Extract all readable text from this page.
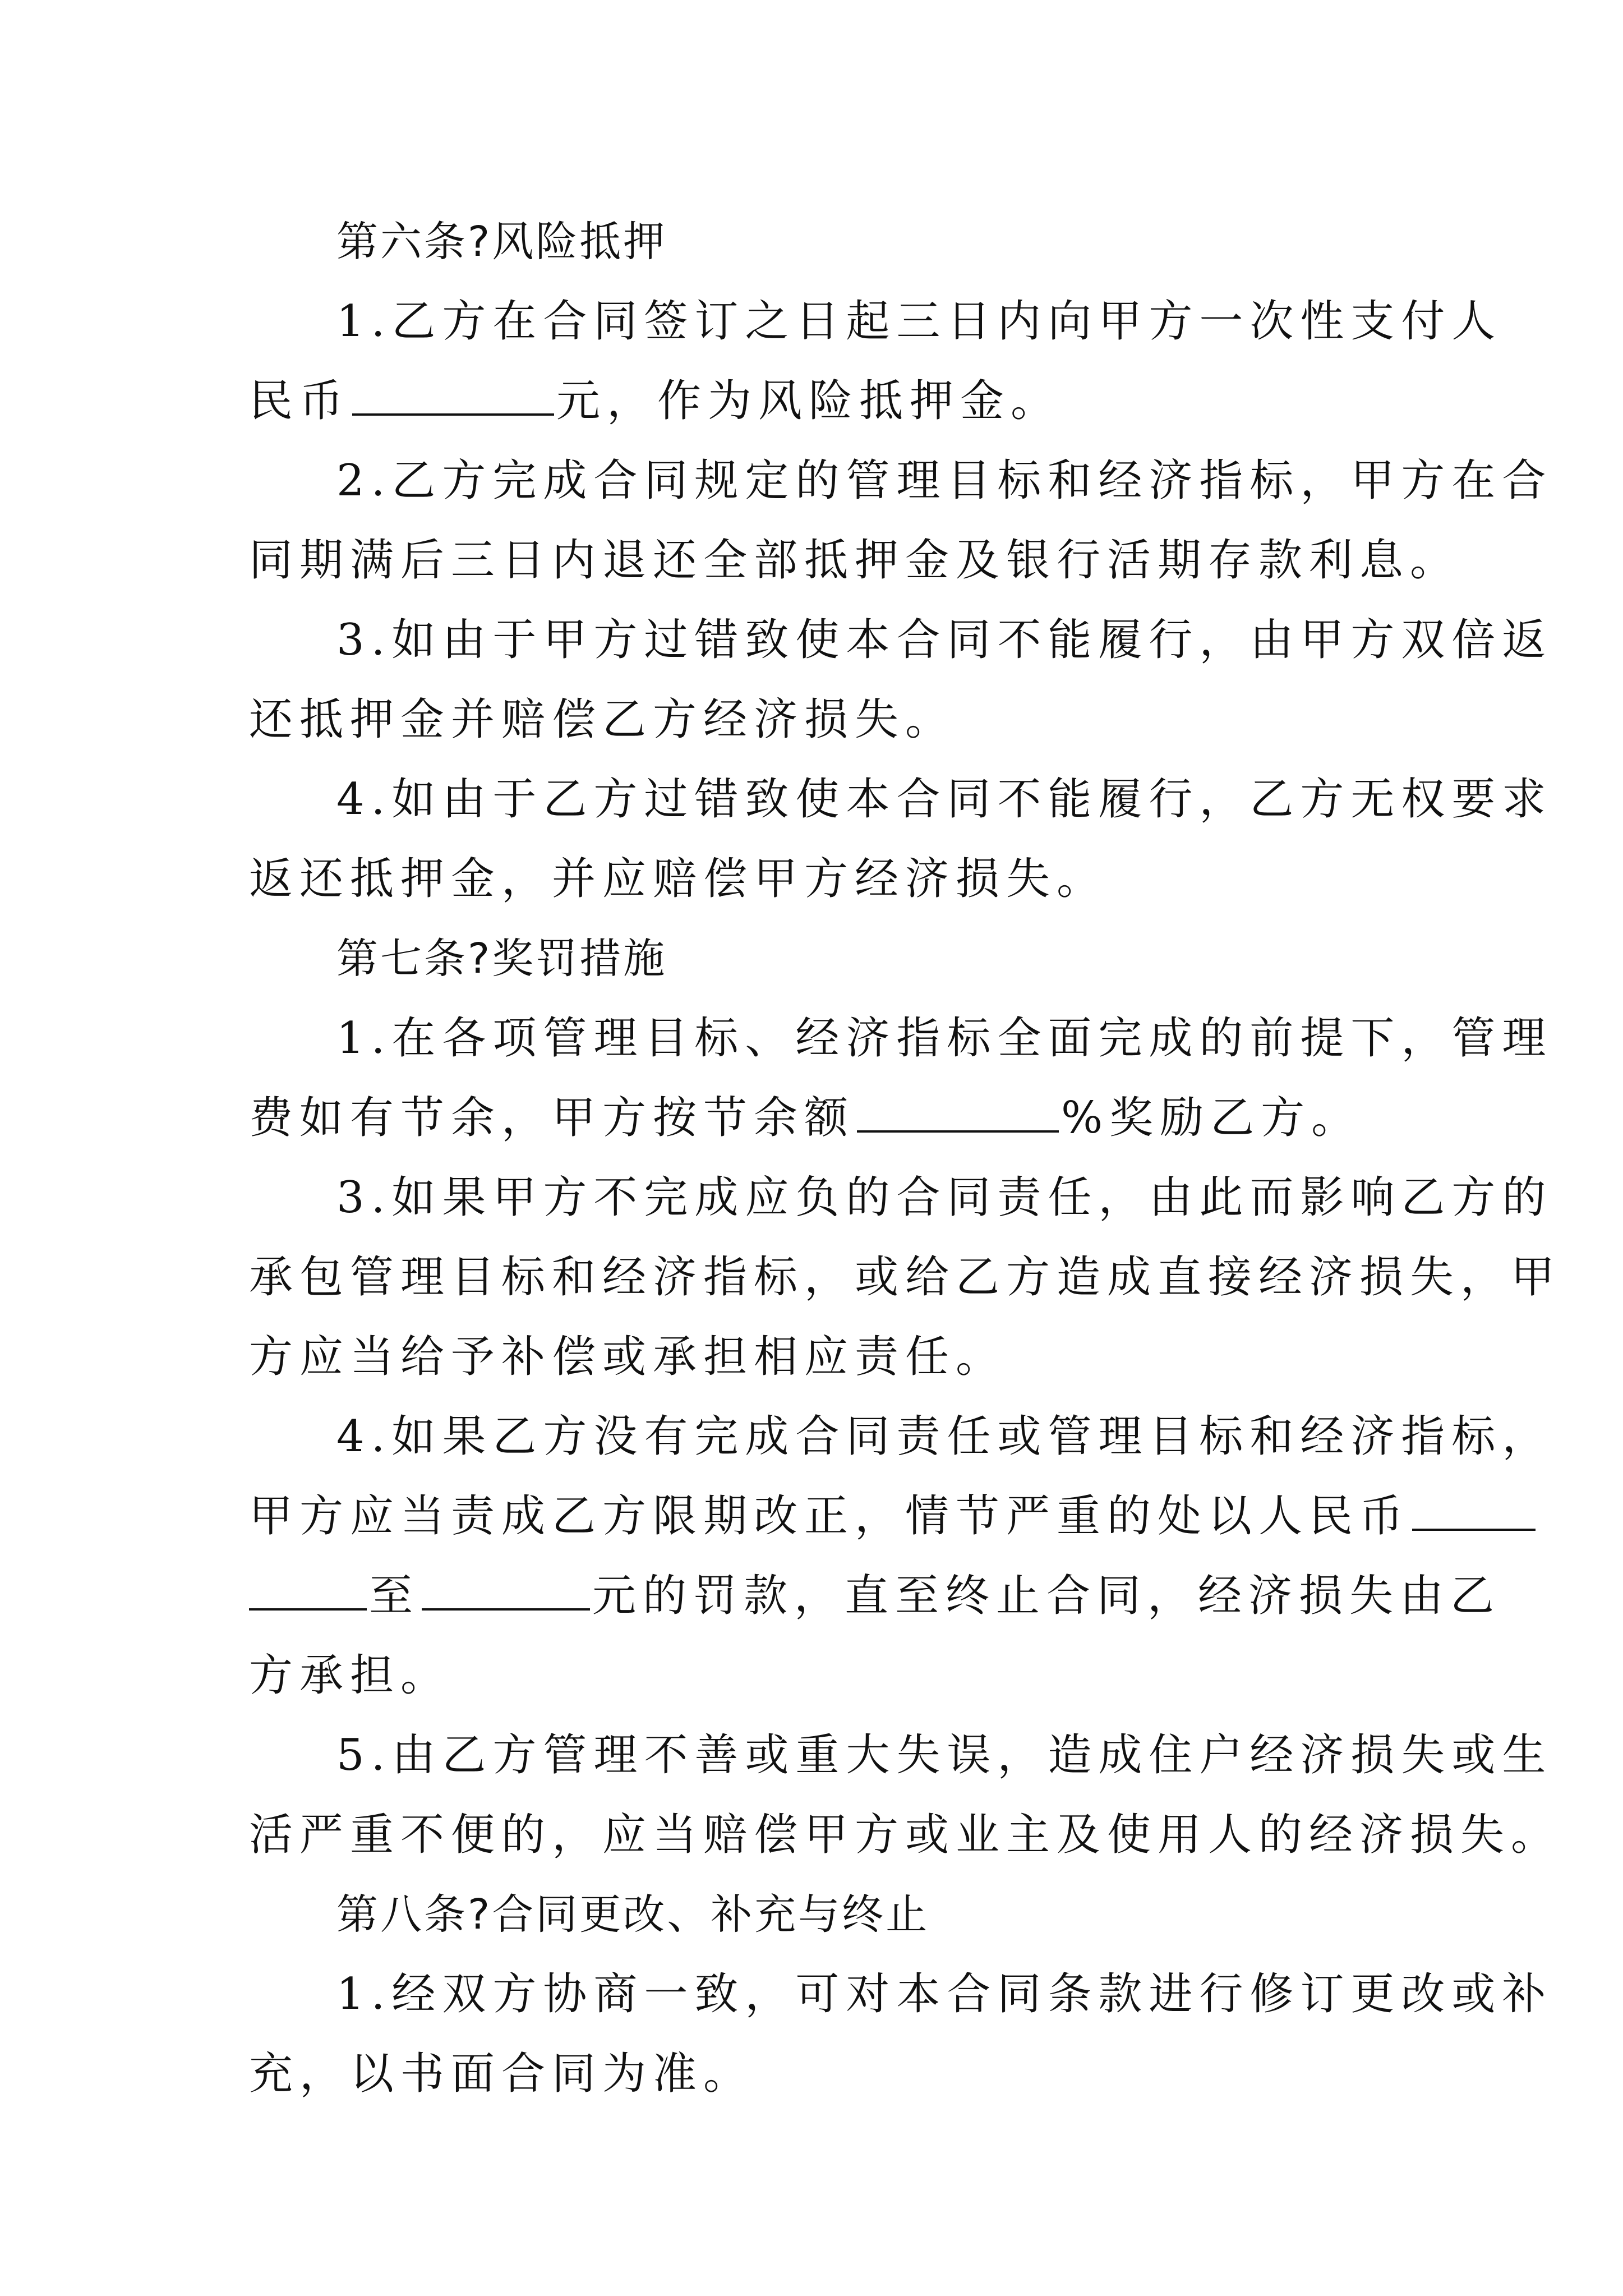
第六条?风险抵押
1.乙方在合同签订之日起三日内向甲方一次性支付人
民币	元，作为风险抵押金。
2.乙方完成合同规定的管理目标和经济指标，甲方在合
同期满后三日内退还全部抵押金及银行活期存款利息。
3.如由于甲方过错致使本合同不能履行，由甲方双倍返
还抵押金并赔偿乙方经济损失。
4.如由于乙方过错致使本合同不能履行，乙方无权要求
返还抵押金，并应赔偿甲方经济损失。
第七条?奖罚措施
1.在各项管理目标、经济指标全面完成的前提下，管理
费如有节余，甲方按节余额	%奖励乙方。
3.如果甲方不完成应负的合同责任，由此而影响乙方的
承包管理目标和经济指标，或给乙方造成直接经济损失，甲
方应当给予补偿或承担相应责任。
4.如果乙方没有完成合同责任或管理目标和经济指标，
甲方应当责成乙方限期改正，情节严重的处以人民币
至	元的罚款，直至终止合同，经济损失由乙
方承担。
5.由乙方管理不善或重大失误，造成住户经济损失或生
活严重不便的，应当赔偿甲方或业主及使用人的经济损失。
第八条?合同更改、补充与终止
1.经双方协商一致，可对本合同条款进行修订更改或补
充，以书面合同为准。
